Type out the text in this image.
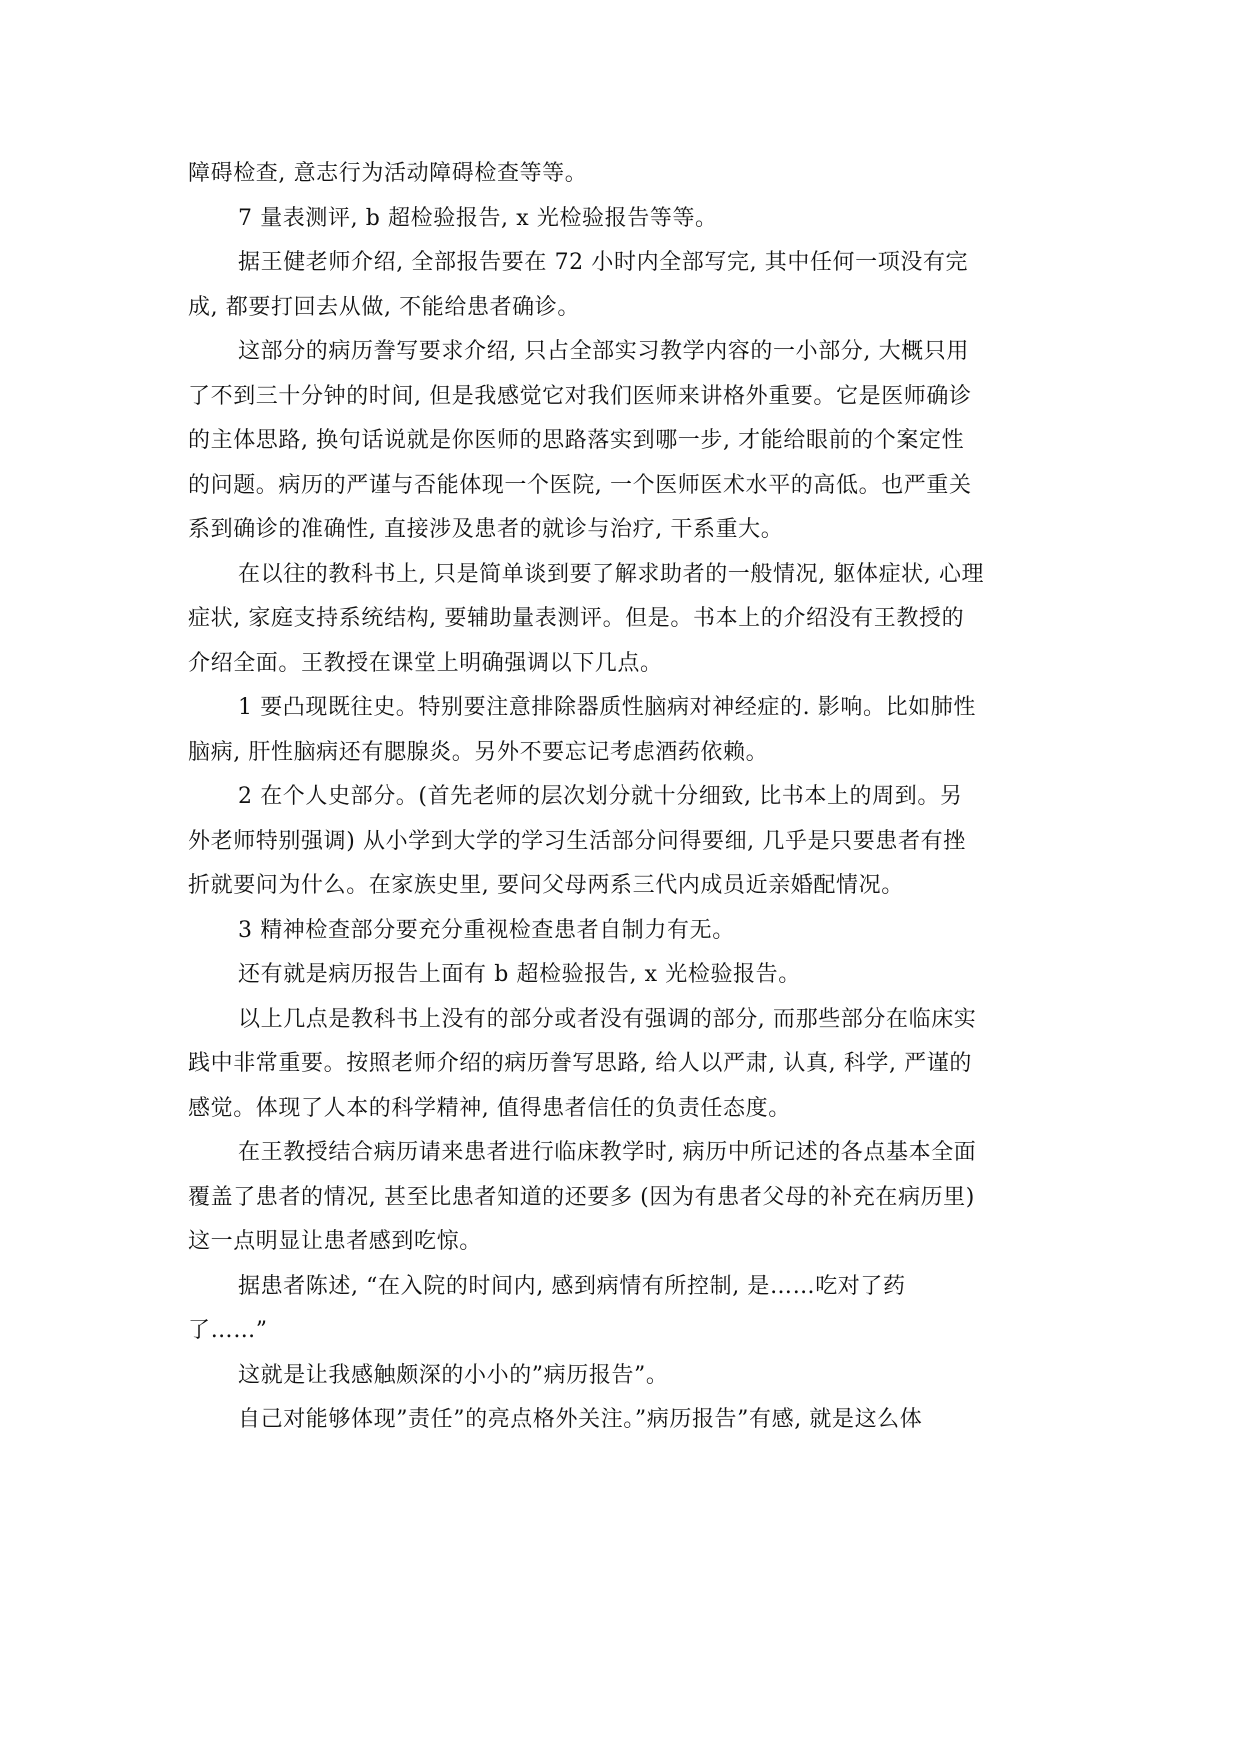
障碍检查, 意志行为活动障碍检查等等。
7 量表测评, b 超检验报告, x 光检验报告等等。
据王健老师介绍, 全部报告要在 72 小时内全部写完, 其中任何一项没有完
成, 都要打回去从做, 不能给患者确诊。
这部分的病历誊写要求介绍, 只占全部实习教学内容的一小部分, 大概只用
了不到三十分钟的时间, 但是我感觉它对我们医师来讲格外重要。它是医师确诊
的主体思路, 换句话说就是你医师的思路落实到哪一步, 才能给眼前的个案定性
的问题。病历的严谨与否能体现一个医院, 一个医师医术水平的高低。也严重关
系到确诊的准确性, 直接涉及患者的就诊与治疗, 干系重大。
在以往的教科书上, 只是简单谈到要了解求助者的一般情况, 躯体症状, 心理
症状, 家庭支持系统结构, 要辅助量表测评。但是。书本上的介绍没有王教授的
介绍全面。王教授在课堂上明确强调以下几点。
1 要凸现既往史。特别要注意排除器质性脑病对神经症的. 影响。比如肺性
脑病, 肝性脑病还有腮腺炎。另外不要忘记考虑酒药依赖。
2 在个人史部分。(首先老师的层次划分就十分细致, 比书本上的周到。另
外老师特别强调) 从小学到大学的学习生活部分问得要细, 几乎是只要患者有挫
折就要问为什么。在家族史里, 要问父母两系三代内成员近亲婚配情况。
3 精神检查部分要充分重视检查患者自制力有无。
还有就是病历报告上面有 b 超检验报告, x 光检验报告。
以上几点是教科书上没有的部分或者没有强调的部分, 而那些部分在临床实
践中非常重要。按照老师介绍的病历誊写思路, 给人以严肃, 认真, 科学, 严谨的
感觉。体现了人本的科学精神, 值得患者信任的负责任态度。
在王教授结合病历请来患者进行临床教学时, 病历中所记述的各点基本全面
覆盖了患者的情况, 甚至比患者知道的还要多 (因为有患者父母的补充在病历里)
这一点明显让患者感到吃惊。
据患者陈述, “在入院的时间内, 感到病情有所控制, 是……吃对了药
了……”
这就是让我感触颇深的小小的”病历报告”。
自己对能够体现”责任”的亮点格外关注。”病历报告”有感, 就是这么体
